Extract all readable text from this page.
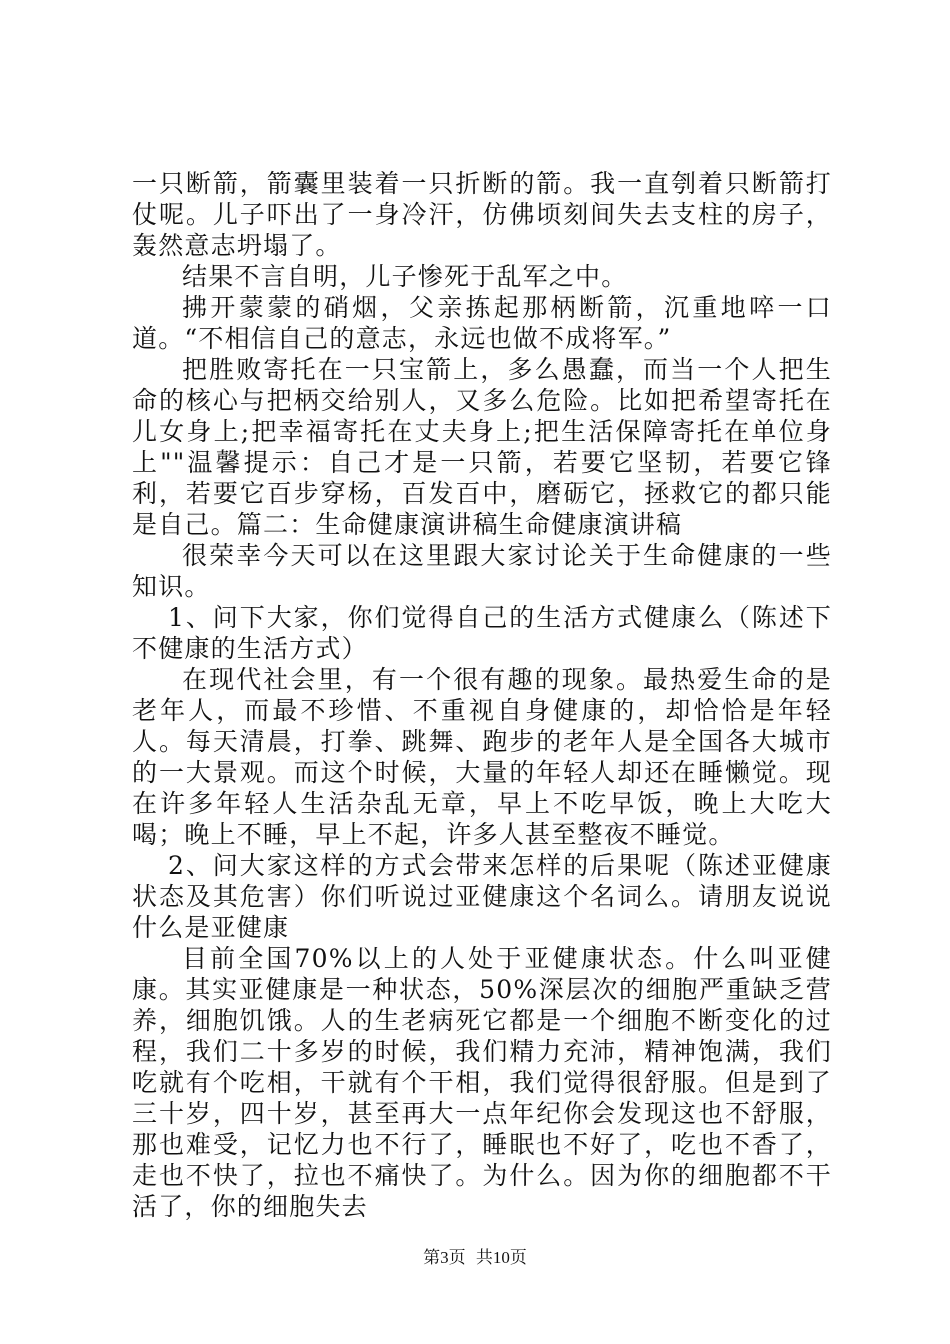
一只断箭，箭囊里装着一只折断的箭。我一直刳着只断箭打仗呢。儿子吓出了一身冷汗，仿佛顷刻间失去支柱的房子，轰然意志坍塌了。

结果不言自明，儿子惨死于乱军之中。

拂开蒙蒙的硝烟，父亲拣起那柄断箭，沉重地啐一口道。“不相信自己的意志，永远也做不成将军。”

把胜败寄托在一只宝箭上，多么愚蠢，而当一个人把生命的核心与把柄交给别人，又多么危险。比如把希望寄托在儿女身上;把幸福寄托在丈夫身上;把生活保障寄托在单位身上""温馨提示：自己才是一只箭，若要它坚韧，若要它锋利，若要它百步穿杨，百发百中，磨砺它，拯救它的都只能是自己。篇二：生命健康演讲稿生命健康演讲稿

很荣幸今天可以在这里跟大家讨论关于生命健康的一些知识。

1、问下大家，你们觉得自己的生活方式健康么（陈述下不健康的生活方式）

在现代社会里，有一个很有趣的现象。最热爱生命的是老年人，而最不珍惜、不重视自身健康的，却恰恰是年轻人。每天清晨，打拳、跳舞、跑步的老年人是全国各大城市的一大景观。而这个时候，大量的年轻人却还在睡懒觉。现在许多年轻人生活杂乱无章，早上不吃早饭，晚上大吃大喝；晚上不睡，早上不起，许多人甚至整夜不睡觉。

2、问大家这样的方式会带来怎样的后果呢（陈述亚健康状态及其危害）你们听说过亚健康这个名词么。请朋友说说什么是亚健康

目前全国70%以上的人处于亚健康状态。什么叫亚健康。其实亚健康是一种状态，50%深层次的细胞严重缺乏营养，细胞饥饿。人的生老病死它都是一个细胞不断变化的过程，我们二十多岁的时候，我们精力充沛，精神饱满，我们吃就有个吃相，干就有个干相，我们觉得很舒服。但是到了三十岁，四十岁，甚至再大一点年纪你会发现这也不舒服，那也难受，记忆力也不行了，睡眠也不好了，吃也不香了，走也不快了，拉也不痛快了。为什么。因为你的细胞都不干活了，你的细胞失去

第3页 共10页
